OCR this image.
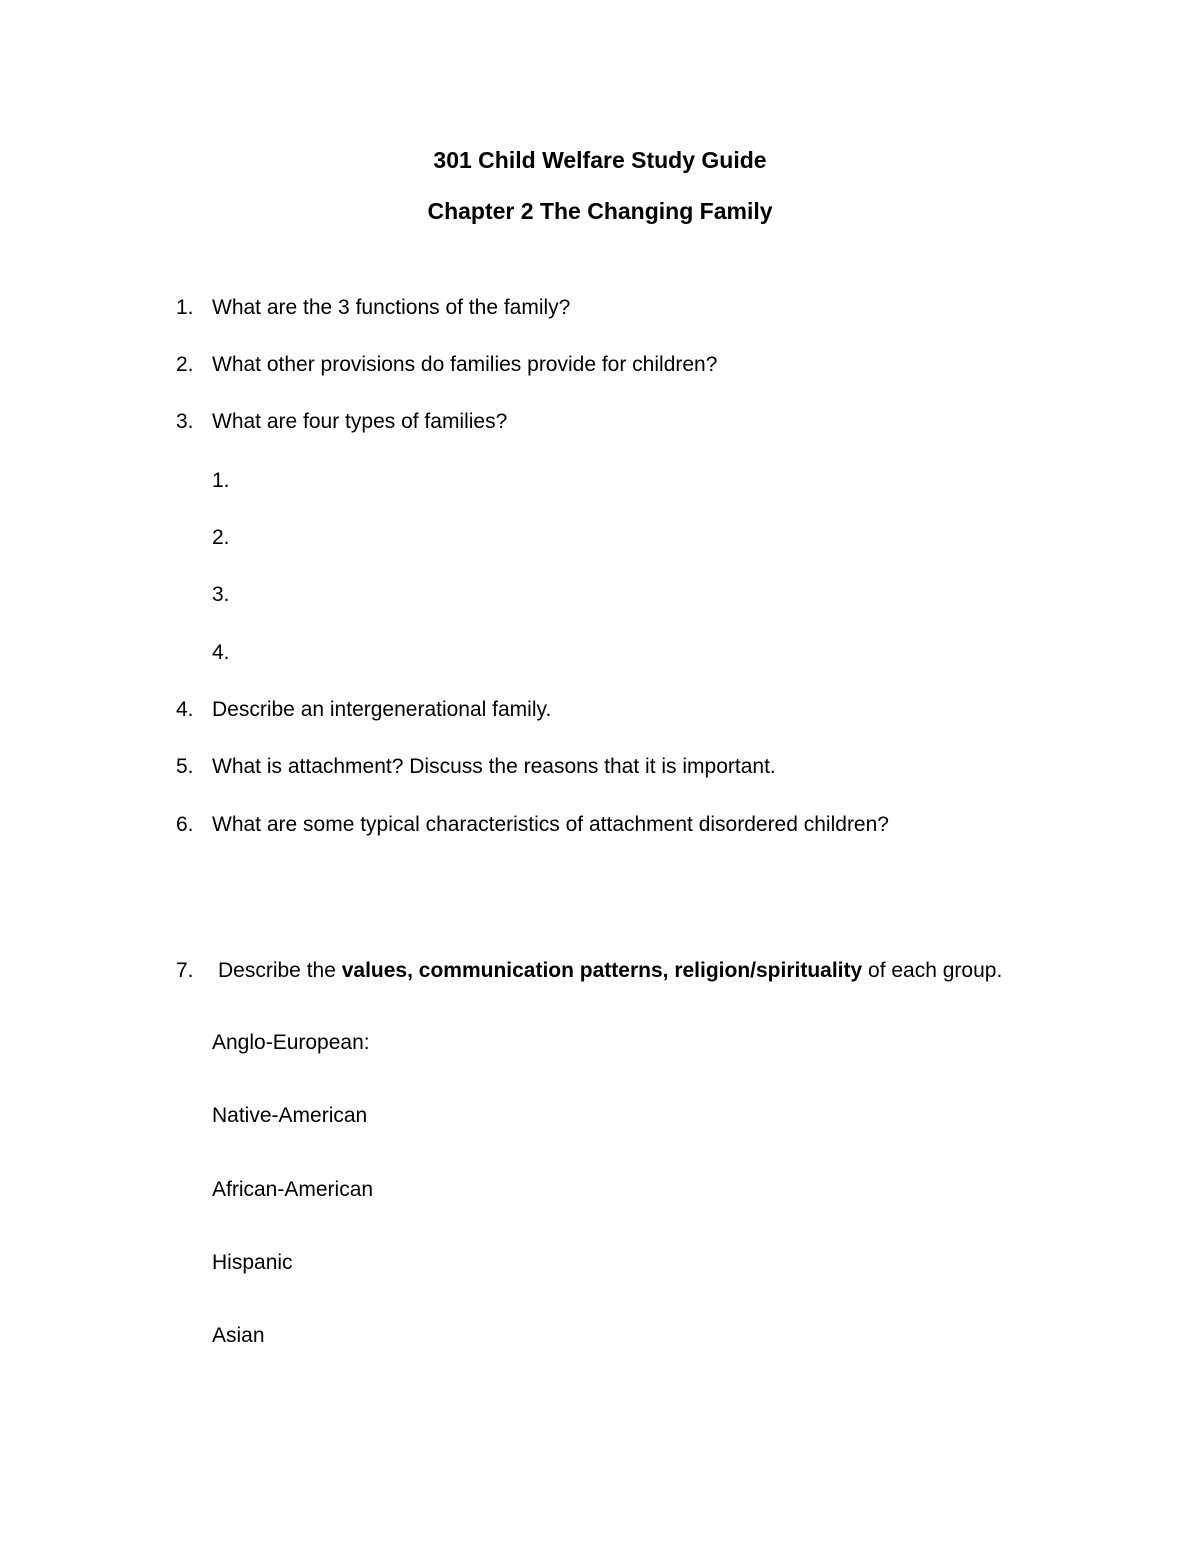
301 Child Welfare Study Guide
Chapter 2 The Changing Family
1. What are the 3 functions of the family?
2. What other provisions do families provide for children?
3. What are four types of families?
1.
2.
3.
4.
4. Describe an intergenerational family.
5. What is attachment? Discuss the reasons that it is important.
6. What are some typical characteristics of attachment disordered children?
7. Describe the values, communication patterns, religion/spirituality of each group.
Anglo-European:
Native-American
African-American
Hispanic
Asian
